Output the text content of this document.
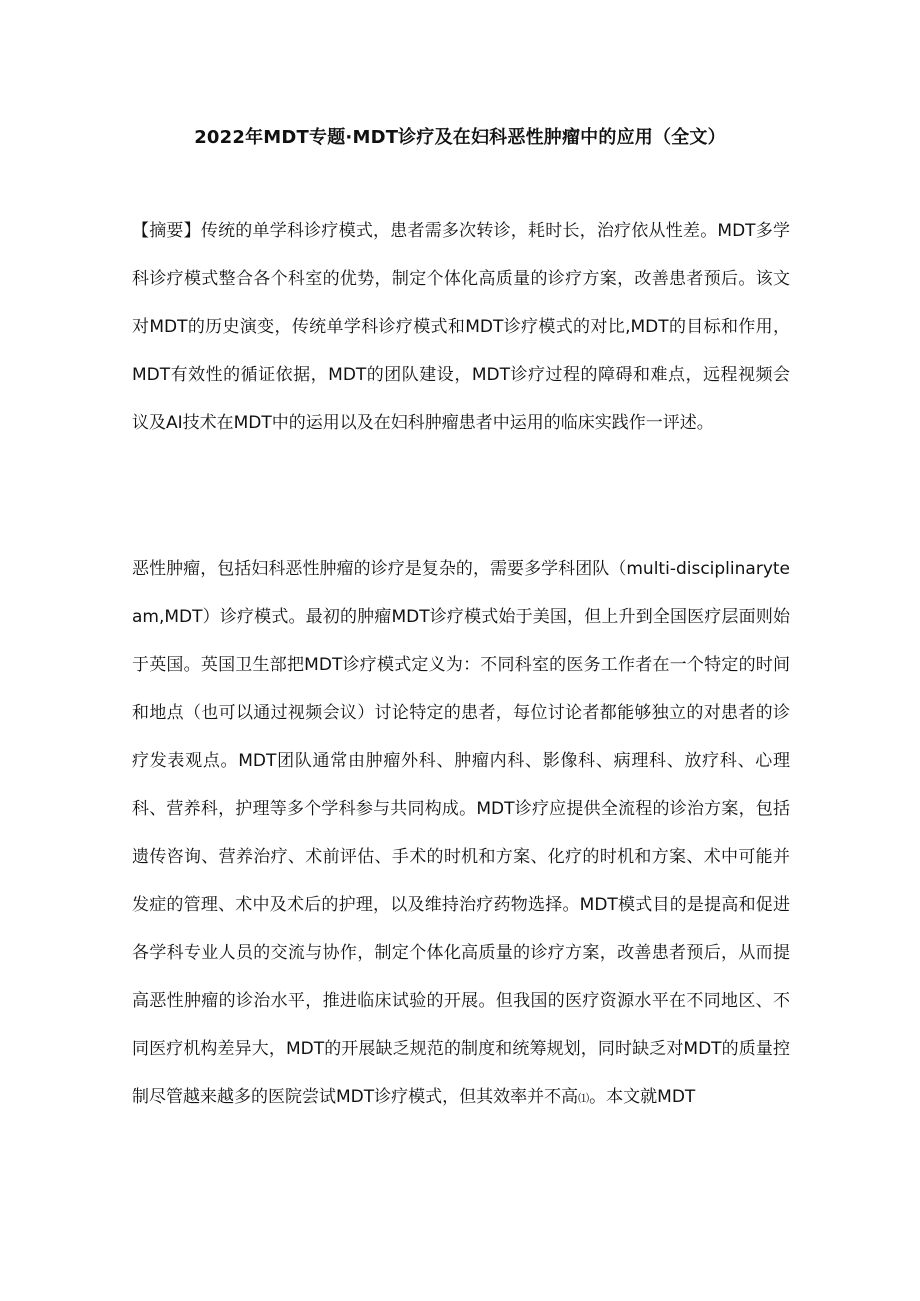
2022年MDT专题·MDT诊疗及在妇科恶性肿瘤中的应用（全文）
【摘要】传统的单学科诊疗模式，患者需多次转诊，耗时长，治疗依从性差。MDT多学科诊疗模式整合各个科室的优势，制定个体化高质量的诊疗方案，改善患者预后。该文对MDT的历史演变，传统单学科诊疗模式和MDT诊疗模式的对比,MDT的目标和作用，MDT有效性的循证依据，MDT的团队建设，MDT诊疗过程的障碍和难点，远程视频会议及AI技术在MDT中的运用以及在妇科肿瘤患者中运用的临床实践作一评述。
恶性肿瘤，包括妇科恶性肿瘤的诊疗是复杂的，需要多学科团队（multi-disciplinaryteam,MDT）诊疗模式。最初的肿瘤MDT诊疗模式始于美国，但上升到全国医疗层面则始于英国。英国卫生部把MDT诊疗模式定义为：不同科室的医务工作者在一个特定的时间和地点（也可以通过视频会议）讨论特定的患者，每位讨论者都能够独立的对患者的诊疗发表观点。MDT团队通常由肿瘤外科、肿瘤内科、影像科、病理科、放疗科、心理科、营养科，护理等多个学科参与共同构成。MDT诊疗应提供全流程的诊治方案，包括遗传咨询、营养治疗、术前评估、手术的时机和方案、化疗的时机和方案、术中可能并发症的管理、术中及术后的护理，以及维持治疗药物选择。MDT模式目的是提高和促进各学科专业人员的交流与协作，制定个体化高质量的诊疗方案，改善患者预后，从而提高恶性肿瘤的诊治水平，推进临床试验的开展。但我国的医疗资源水平在不同地区、不同医疗机构差异大，MDT的开展缺乏规范的制度和统筹规划，同时缺乏对MDT的质量控制尽管越来越多的医院尝试MDT诊疗模式，但其效率并不高⑴。本文就MDT
